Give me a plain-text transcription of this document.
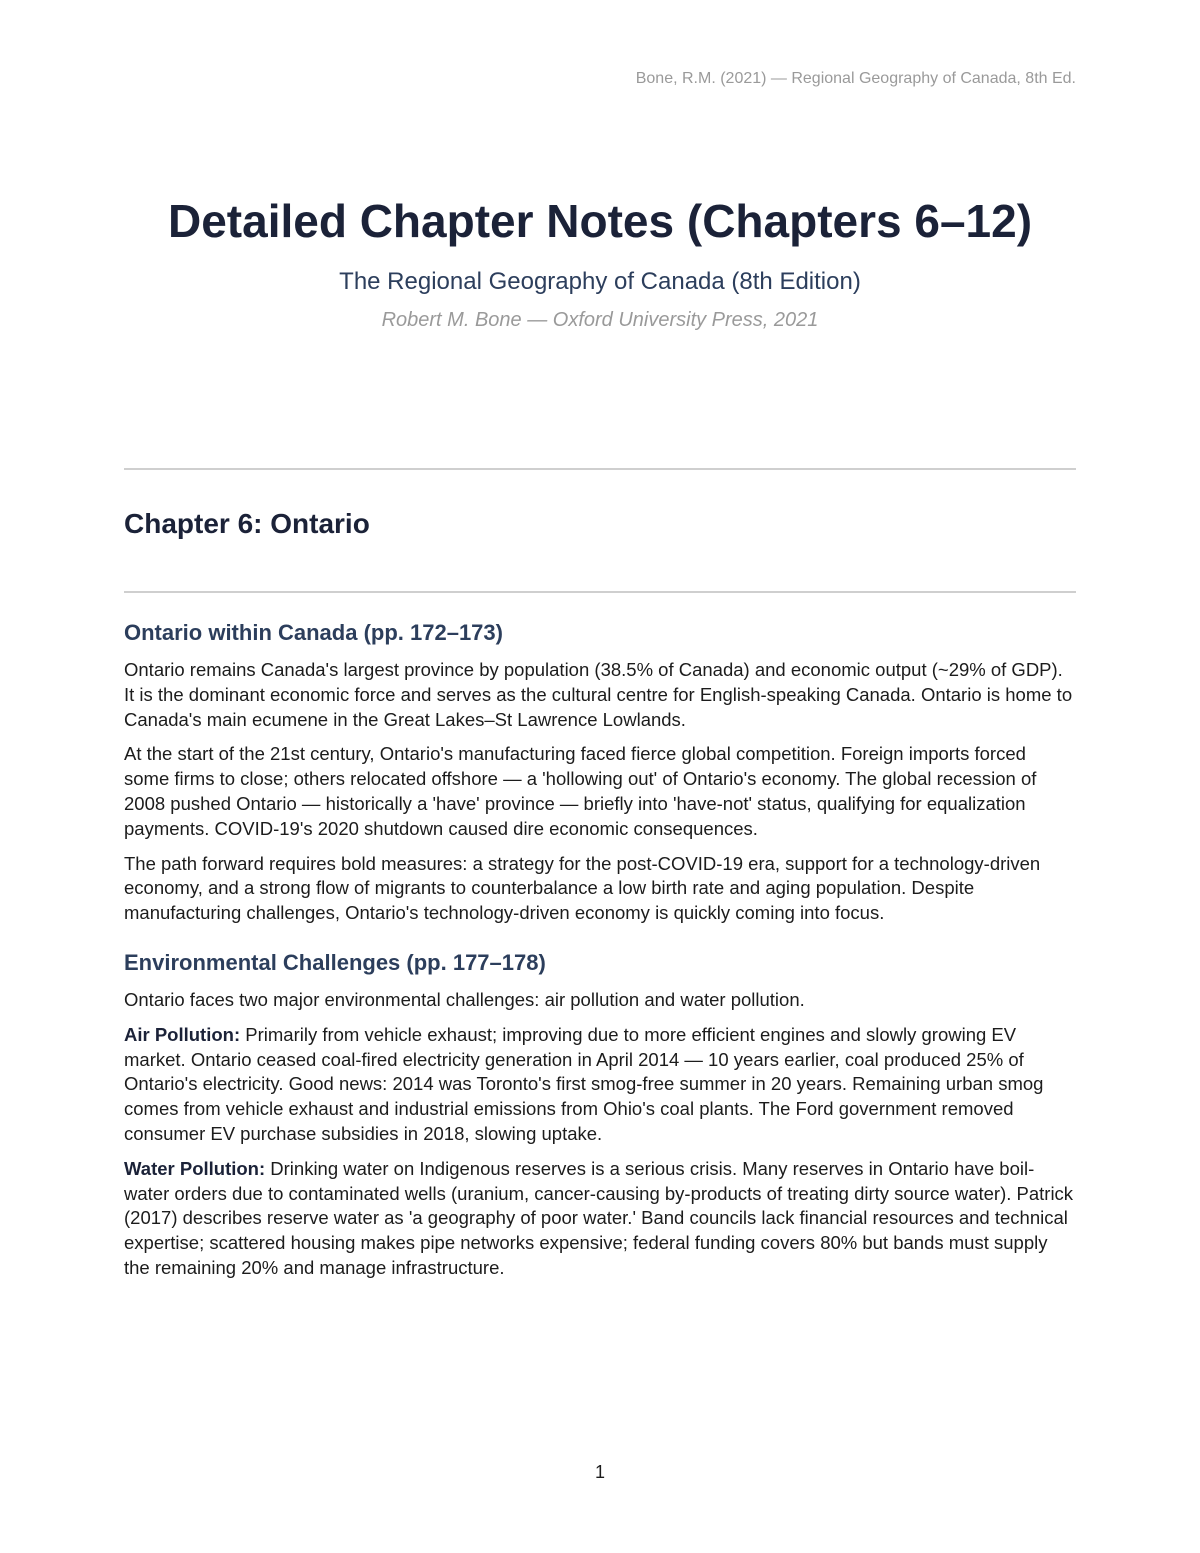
Bone, R.M. (2021) — Regional Geography of Canada, 8th Ed.
Detailed Chapter Notes (Chapters 6–12)

The Regional Geography of Canada (8th Edition)

Robert M. Bone — Oxford University Press, 2021

Chapter 6: Ontario
Ontario within Canada (pp. 172–173)

Ontario remains Canada's largest province by population (38.5% of Canada) and economic output (~29% of GDP). It is the dominant economic force and serves as the cultural centre for English-speaking Canada. Ontario is home to Canada's main ecumene in the Great Lakes–St Lawrence Lowlands.

At the start of the 21st century, Ontario's manufacturing faced fierce global competition. Foreign imports forced some firms to close; others relocated offshore — a 'hollowing out' of Ontario's economy. The global recession of 2008 pushed Ontario — historically a 'have' province — briefly into 'have-not' status, qualifying for equalization payments. COVID-19's 2020 shutdown caused dire economic consequences.

The path forward requires bold measures: a strategy for the post-COVID-19 era, support for a technology-driven economy, and a strong flow of migrants to counterbalance a low birth rate and aging population. Despite manufacturing challenges, Ontario's technology-driven economy is quickly coming into focus.

Environmental Challenges (pp. 177–178)

Ontario faces two major environmental challenges: air pollution and water pollution.

Air Pollution: Primarily from vehicle exhaust; improving due to more efficient engines and slowly growing EV market. Ontario ceased coal-fired electricity generation in April 2014 — 10 years earlier, coal produced 25% of Ontario's electricity. Good news: 2014 was Toronto's first smog-free summer in 20 years. Remaining urban smog comes from vehicle exhaust and industrial emissions from Ohio's coal plants. The Ford government removed consumer EV purchase subsidies in 2018, slowing uptake.

Water Pollution: Drinking water on Indigenous reserves is a serious crisis. Many reserves in Ontario have boil-water orders due to contaminated wells (uranium, cancer-causing by-products of treating dirty source water). Patrick (2017) describes reserve water as 'a geography of poor water.' Band councils lack financial resources and technical expertise; scattered housing makes pipe networks expensive; federal funding covers 80% but bands must supply the remaining 20% and manage infrastructure.

1
